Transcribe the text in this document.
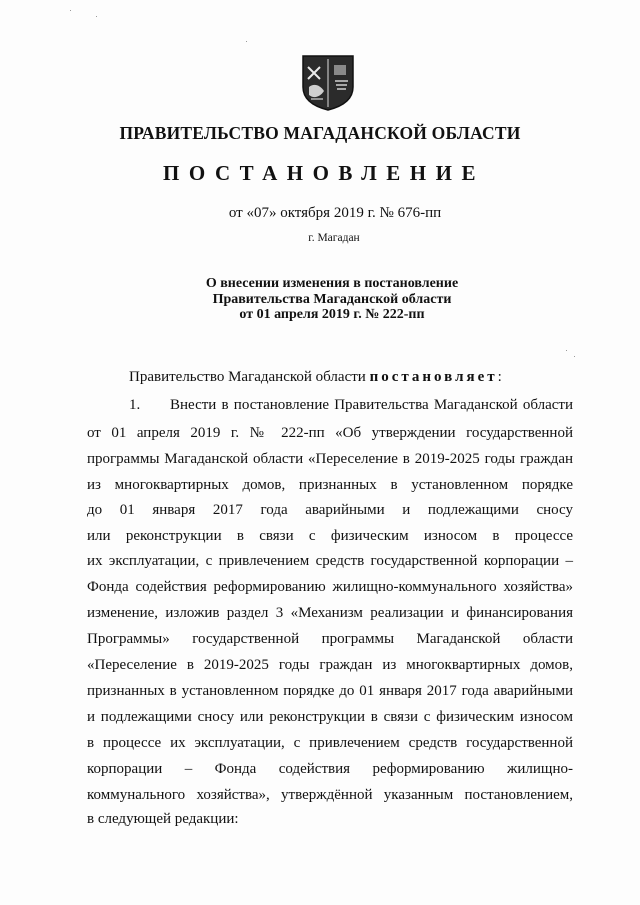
ПРАВИТЕЛЬСТВО МАГАДАНСКОЙ ОБЛАСТИ
ПОСТАНОВЛЕНИЕ
от «07» октября 2019 г. № 676-пп
г. Магадан
О внесении изменения в постановление
Правительства Магаданской области
от 01 апреля 2019 г. № 222-пп
Правительство Магаданской области постановляет:
1. Внести в постановление Правительства Магаданской области
от 01 апреля 2019 г. № 222-пп «Об утверждении государственной
программы Магаданской области «Переселение в 2019-2025 годы граждан
из многоквартирных домов, признанных в установленном порядке
до 01 января 2017 года аварийными и подлежащими сносу
или реконструкции в связи с физическим износом в процессе
их эксплуатации, с привлечением средств государственной корпорации –
Фонда содействия реформированию жилищно-коммунального хозяйства»
изменение, изложив раздел 3 «Механизм реализации и финансирования
Программы» государственной программы Магаданской области
«Переселение в 2019-2025 годы граждан из многоквартирных домов,
признанных в установленном порядке до 01 января 2017 года аварийными
и подлежащими сносу или реконструкции в связи с физическим износом
в процессе их эксплуатации, с привлечением средств государственной
корпорации – Фонда содействия реформированию жилищно-
коммунального хозяйства», утверждённой указанным постановлением,
в следующей редакции:
